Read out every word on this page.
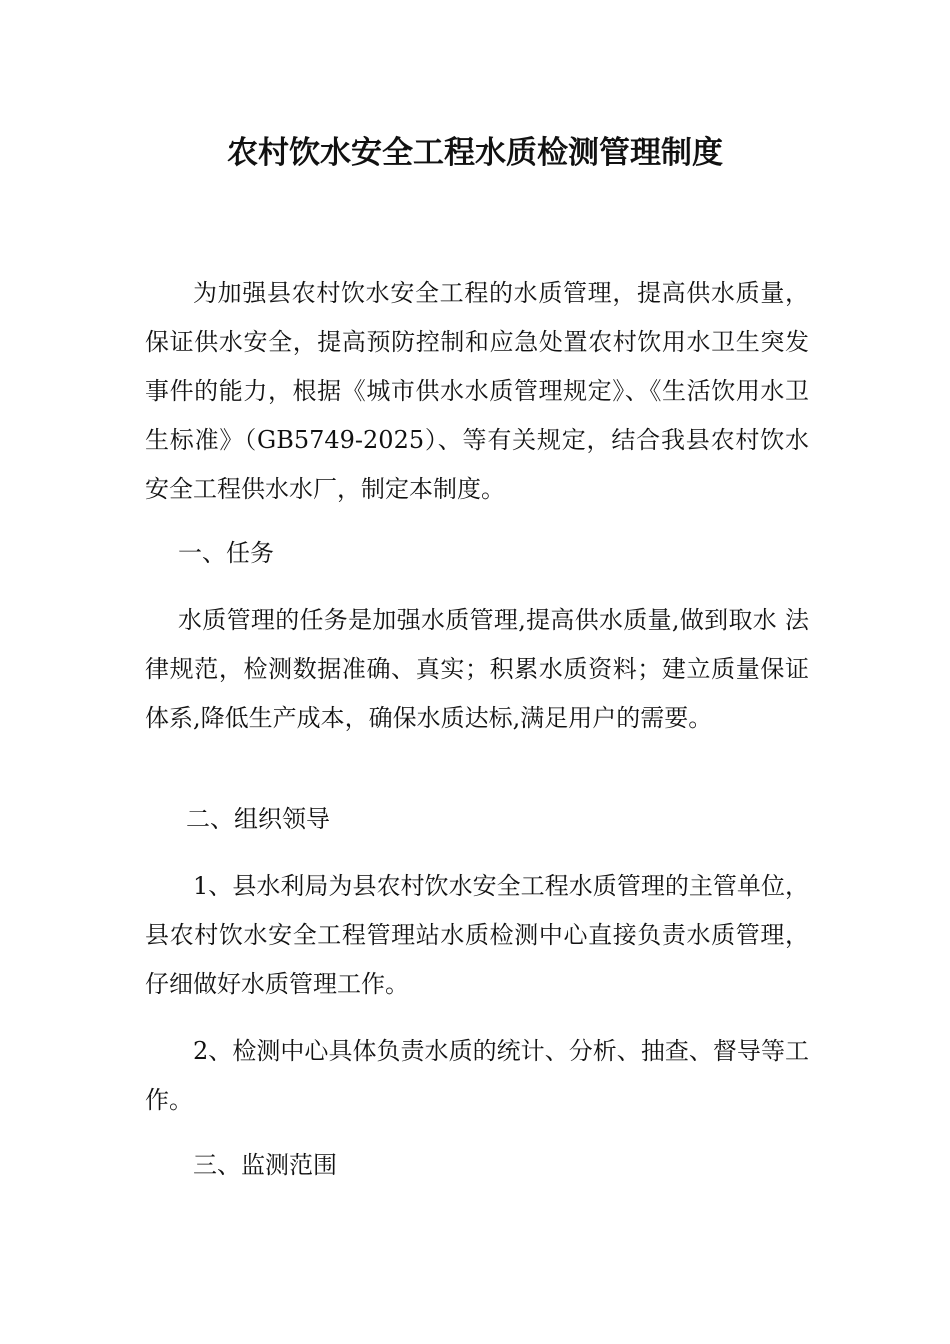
农村饮水安全工程水质检测管理制度

为加强县农村饮水安全工程的水质管理，提高供水质量，保证供水安全，提高预防控制和应急处置农村饮用水卫生突发事件的能力，根据《城市供水水质管理规定》、《生活饮用水卫生标准》（GB5749-2025）、等有关规定，结合我县农村饮水安全工程供水水厂，制定本制度。

一、任务

水质管理的任务是加强水质管理,提高供水质量,做到取水 法律规范，检测数据准确、真实；积累水质资料；建立质量保证体系,降低生产成本，确保水质达标,满足用户的需要。

二、组织领导

1、县水利局为县农村饮水安全工程水质管理的主管单位，县农村饮水安全工程管理站水质检测中心直接负责水质管理，仔细做好水质管理工作。

2、检测中心具体负责水质的统计、分析、抽查、督导等工作。

三、监测范围
